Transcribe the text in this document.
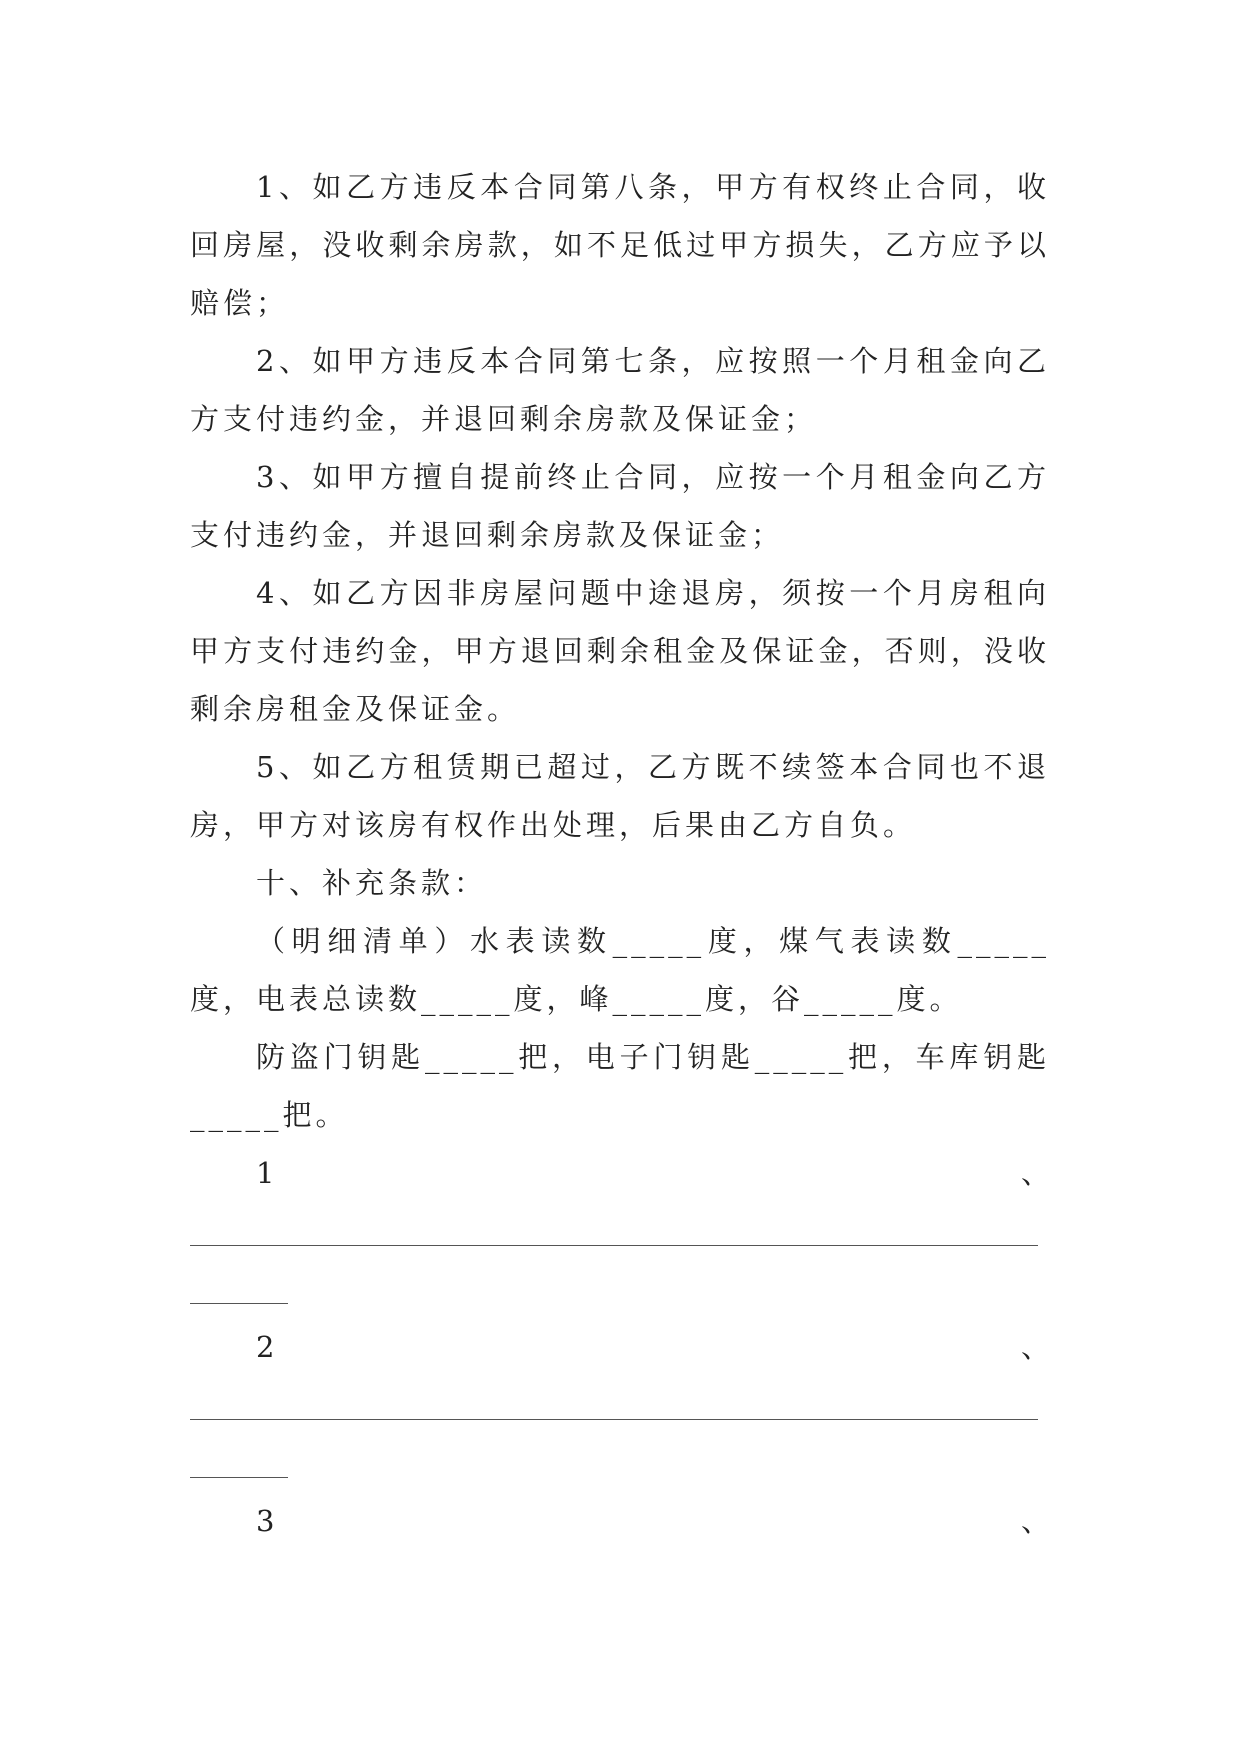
1、如乙方违反本合同第八条，甲方有权终止合同，收回房屋，没收剩余房款，如不足低过甲方损失，乙方应予以赔偿；

2、如甲方违反本合同第七条，应按照一个月租金向乙方支付违约金，并退回剩余房款及保证金；

3、如甲方擅自提前终止合同，应按一个月租金向乙方支付违约金，并退回剩余房款及保证金；

4、如乙方因非房屋问题中途退房，须按一个月房租向甲方支付违约金，甲方退回剩余租金及保证金，否则，没收剩余房租金及保证金。

5、如乙方租赁期已超过，乙方既不续签本合同也不退房，甲方对该房有权作出处理，后果由乙方自负。

十、补充条款：

（明细清单）水表读数_____度，煤气表读数_____度，电表总读数_____度，峰_____度，谷_____度。

防盗门钥匙_____把，电子门钥匙_____把，车库钥匙_____把。

1	、
2	、
3	、
